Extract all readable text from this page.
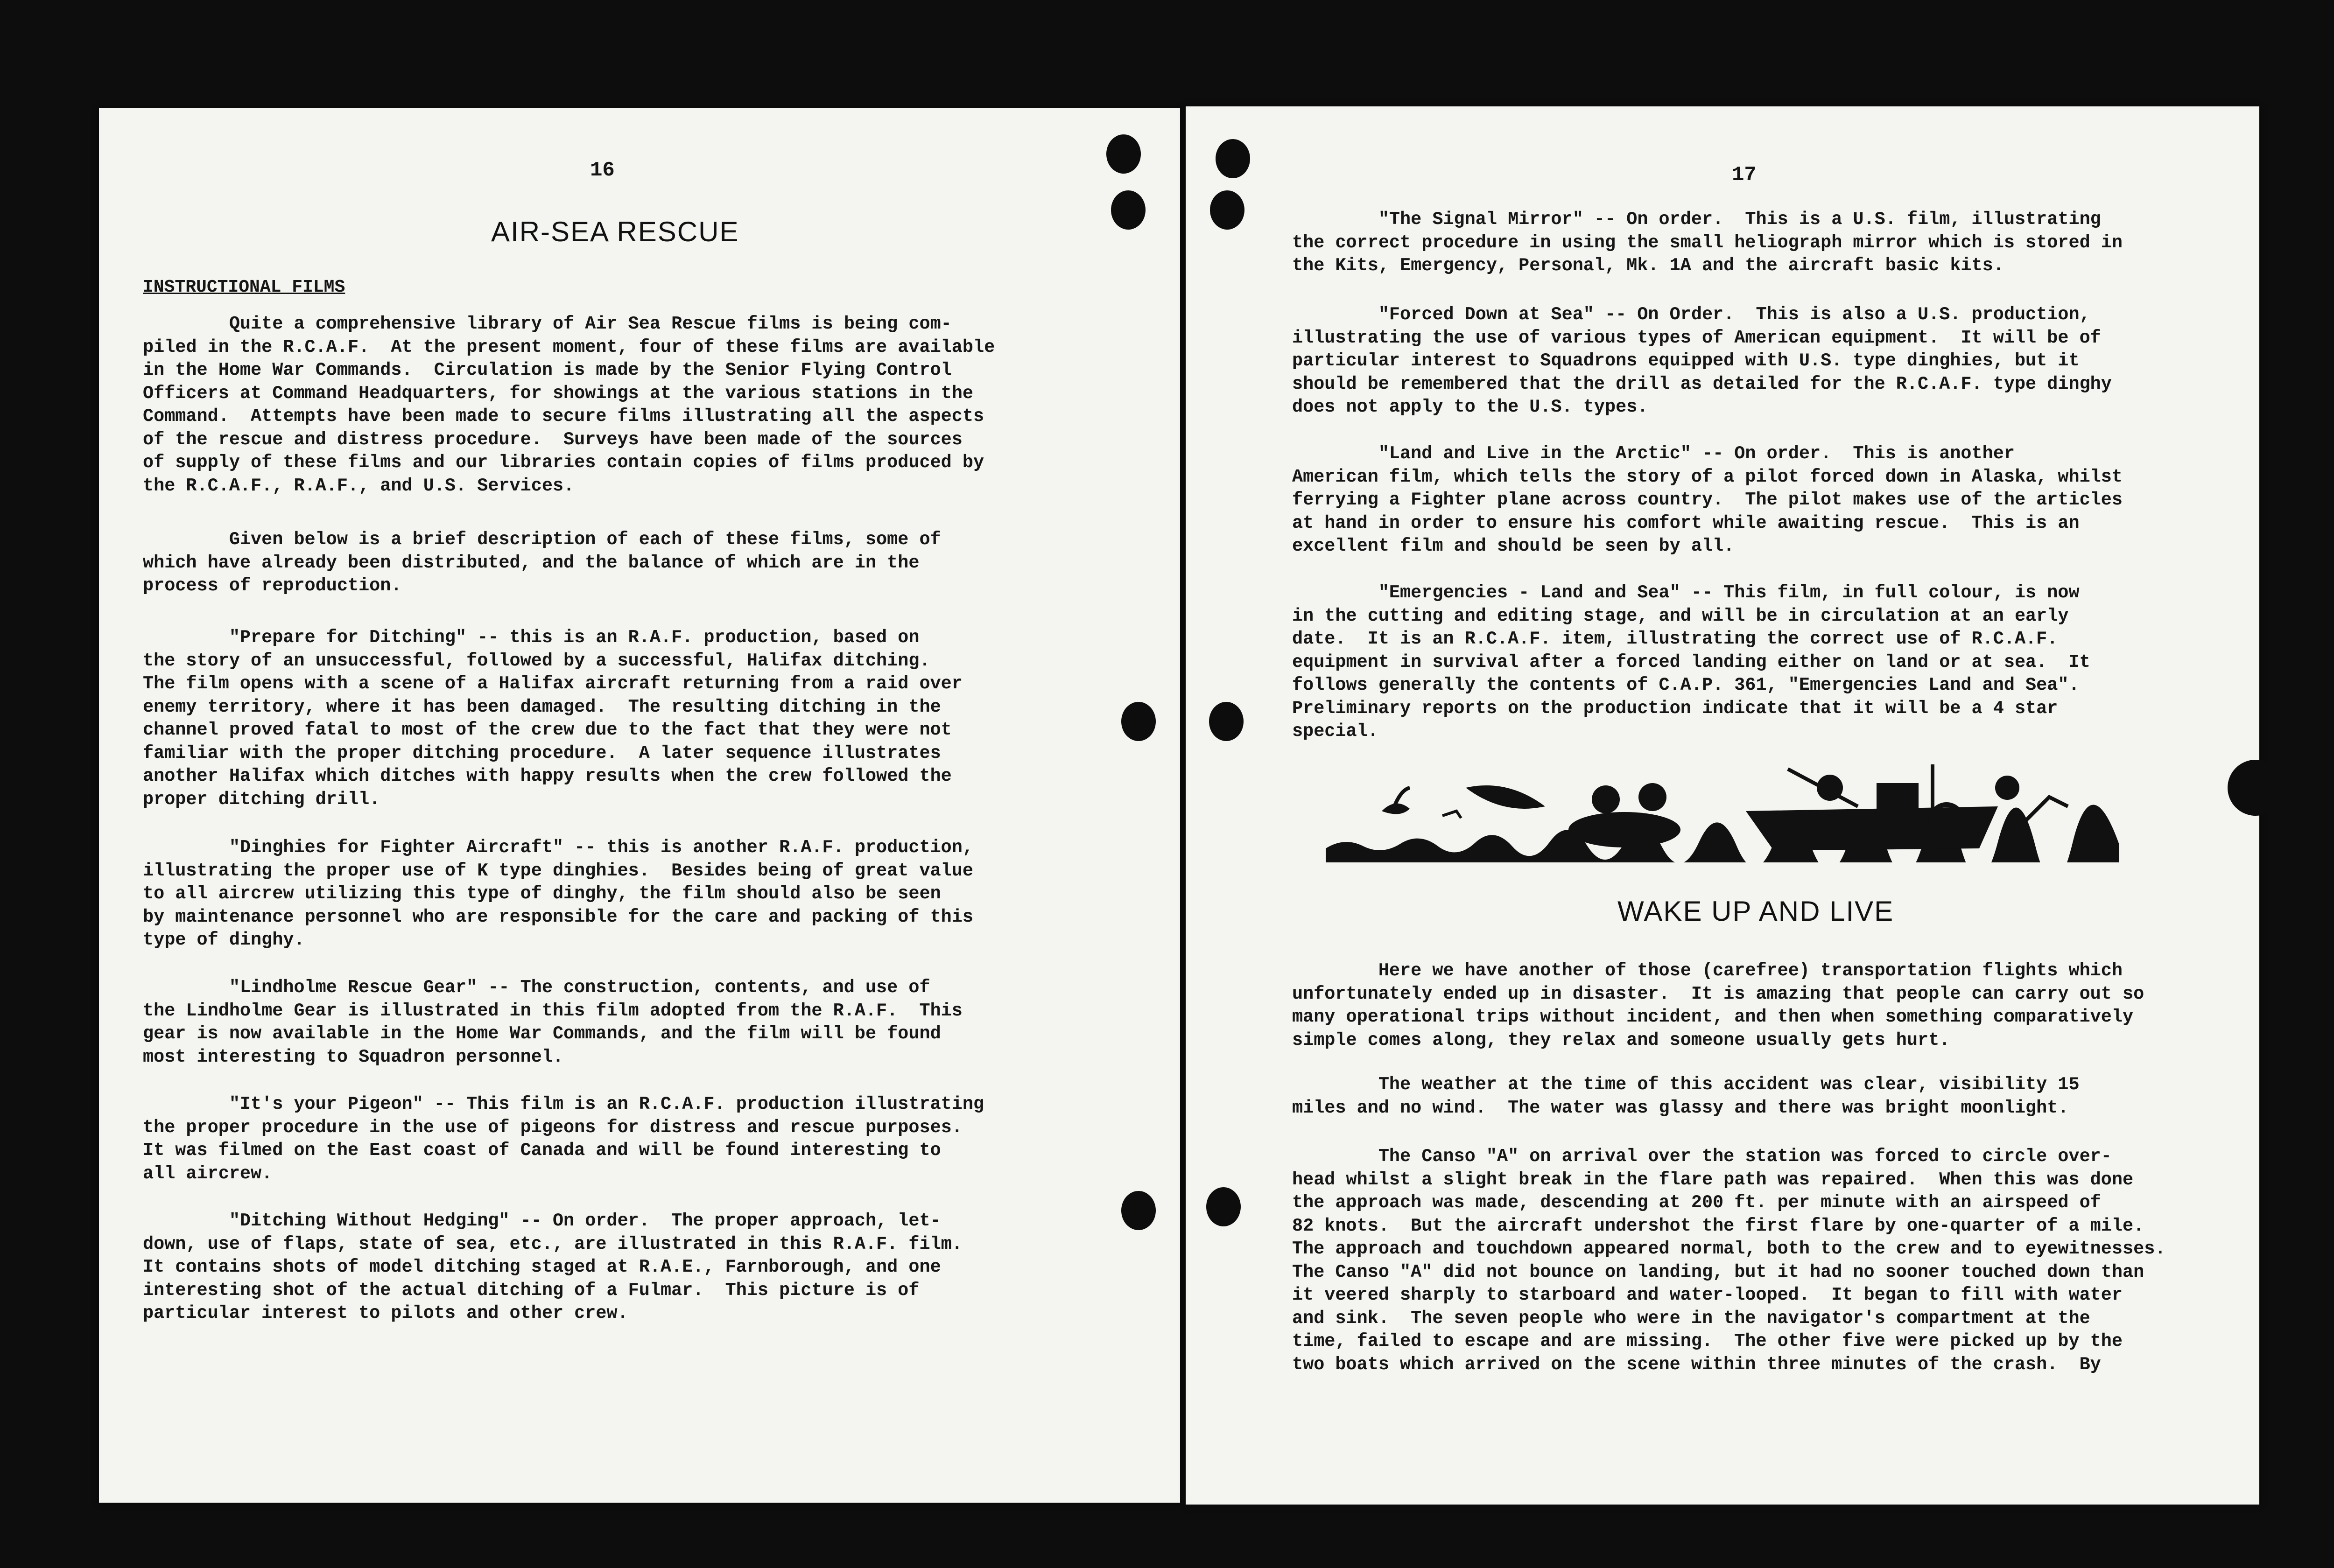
16
AIR-SEA RESCUE
INSTRUCTIONAL FILMS

Quite a comprehensive library of Air Sea Rescue films is being com-
piled in the R.C.A.F.  At the present moment, four of these films are available
in the Home War Commands.  Circulation is made by the Senior Flying Control
Officers at Command Headquarters, for showings at the various stations in the
Command.  Attempts have been made to secure films illustrating all the aspects
of the rescue and distress procedure.  Surveys have been made of the sources
of supply of these films and our libraries contain copies of films produced by
the R.C.A.F., R.A.F., and U.S. Services.

Given below is a brief description of each of these films, some of
which have already been distributed, and the balance of which are in the
process of reproduction.

"Prepare for Ditching" -- this is an R.A.F. production, based on
the story of an unsuccessful, followed by a successful, Halifax ditching.
The film opens with a scene of a Halifax aircraft returning from a raid over
enemy territory, where it has been damaged.  The resulting ditching in the
channel proved fatal to most of the crew due to the fact that they were not
familiar with the proper ditching procedure.  A later sequence illustrates
another Halifax which ditches with happy results when the crew followed the
proper ditching drill.

"Dinghies for Fighter Aircraft" -- this is another R.A.F. production,
illustrating the proper use of K type dinghies.  Besides being of great value
to all aircrew utilizing this type of dinghy, the film should also be seen
by maintenance personnel who are responsible for the care and packing of this
type of dinghy.

"Lindholme Rescue Gear" -- The construction, contents, and use of
the Lindholme Gear is illustrated in this film adopted from the R.A.F.  This
gear is now available in the Home War Commands, and the film will be found
most interesting to Squadron personnel.

"It's your Pigeon" -- This film is an R.C.A.F. production illustrating
the proper procedure in the use of pigeons for distress and rescue purposes.
It was filmed on the East coast of Canada and will be found interesting to
all aircrew.

"Ditching Without Hedging" -- On order.  The proper approach, let-
down, use of flaps, state of sea, etc., are illustrated in this R.A.F. film.
It contains shots of model ditching staged at R.A.E., Farnborough, and one
interesting shot of the actual ditching of a Fulmar.  This picture is of
particular interest to pilots and other crew.

17

"The Signal Mirror" -- On order.  This is a U.S. film, illustrating
the correct procedure in using the small heliograph mirror which is stored in
the Kits, Emergency, Personal, Mk. 1A and the aircraft basic kits.

"Forced Down at Sea" -- On Order.  This is also a U.S. production,
illustrating the use of various types of American equipment.  It will be of
particular interest to Squadrons equipped with U.S. type dinghies, but it
should be remembered that the drill as detailed for the R.C.A.F. type dinghy
does not apply to the U.S. types.

"Land and Live in the Arctic" -- On order.  This is another
American film, which tells the story of a pilot forced down in Alaska, whilst
ferrying a Fighter plane across country.  The pilot makes use of the articles
at hand in order to ensure his comfort while awaiting rescue.  This is an
excellent film and should be seen by all.

"Emergencies - Land and Sea" -- This film, in full colour, is now
in the cutting and editing stage, and will be in circulation at an early
date.  It is an R.C.A.F. item, illustrating the correct use of R.C.A.F.
equipment in survival after a forced landing either on land or at sea.  It
follows generally the contents of C.A.P. 361, "Emergencies Land and Sea".
Preliminary reports on the production indicate that it will be a 4 star
special.

WAKE UP AND LIVE

Here we have another of those (carefree) transportation flights which
unfortunately ended up in disaster.  It is amazing that people can carry out so
many operational trips without incident, and then when something comparatively
simple comes along, they relax and someone usually gets hurt.

The weather at the time of this accident was clear, visibility 15
miles and no wind.  The water was glassy and there was bright moonlight.

The Canso "A" on arrival over the station was forced to circle over-
head whilst a slight break in the flare path was repaired.  When this was done
the approach was made, descending at 200 ft. per minute with an airspeed of
82 knots.  But the aircraft undershot the first flare by one-quarter of a mile.
The approach and touchdown appeared normal, both to the crew and to eyewitnesses.
The Canso "A" did not bounce on landing, but it had no sooner touched down than
it veered sharply to starboard and water-looped.  It began to fill with water
and sink.  The seven people who were in the navigator's compartment at the
time, failed to escape and are missing.  The other five were picked up by the
two boats which arrived on the scene within three minutes of the crash.  By
